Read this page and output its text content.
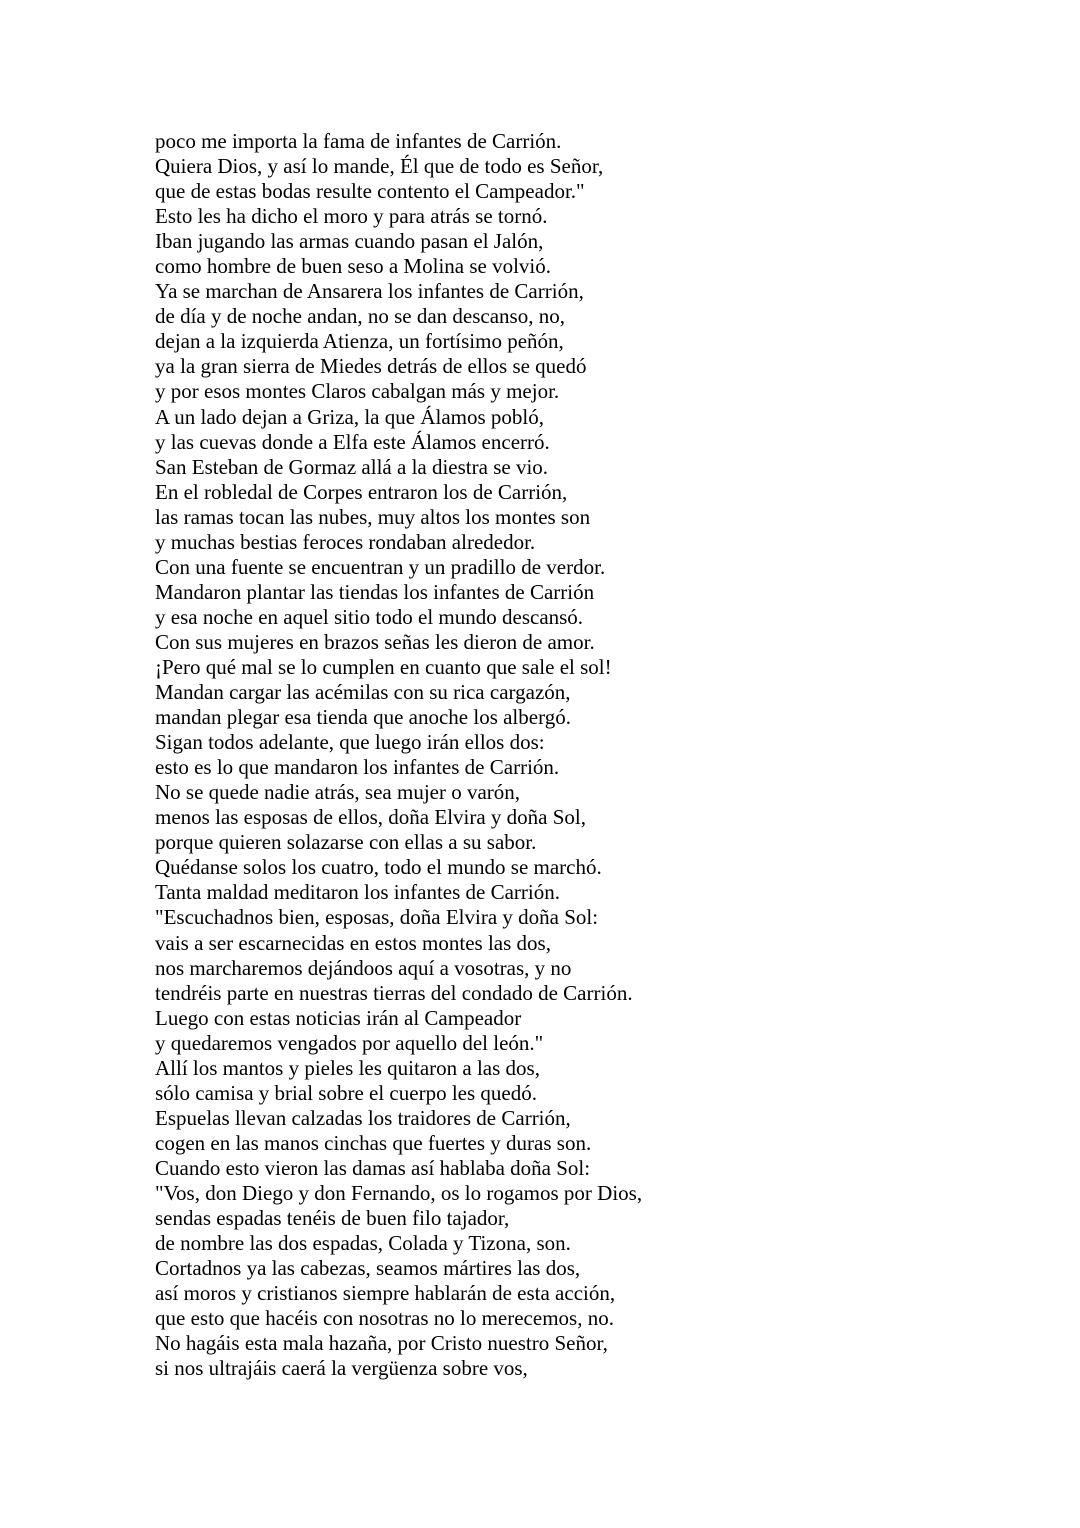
poco me importa la fama de infantes de Carrión.
Quiera Dios, y así lo mande, Él que de todo es Señor,
que de estas bodas resulte contento el Campeador."
Esto les ha dicho el moro y para atrás se tornó.
Iban jugando las armas cuando pasan el Jalón,
como hombre de buen seso a Molina se volvió.
Ya se marchan de Ansarera los infantes de Carrión,
de día y de noche andan, no se dan descanso, no,
dejan a la izquierda Atienza, un fortísimo peñón,
ya la gran sierra de Miedes detrás de ellos se quedó
y por esos montes Claros cabalgan más y mejor.
A un lado dejan a Griza, la que Álamos pobló,
y las cuevas donde a Elfa este Álamos encerró.
San Esteban de Gormaz allá a la diestra se vio.
En el robledal de Corpes entraron los de Carrión,
las ramas tocan las nubes, muy altos los montes son
y muchas bestias feroces rondaban alrededor.
Con una fuente se encuentran y un pradillo de verdor.
Mandaron plantar las tiendas los infantes de Carrión
y esa noche en aquel sitio todo el mundo descansó.
Con sus mujeres en brazos señas les dieron de amor.
¡Pero qué mal se lo cumplen en cuanto que sale el sol!
Mandan cargar las acémilas con su rica cargazón,
mandan plegar esa tienda que anoche los albergó.
Sigan todos adelante, que luego irán ellos dos:
esto es lo que mandaron los infantes de Carrión.
No se quede nadie atrás, sea mujer o varón,
menos las esposas de ellos, doña Elvira y doña Sol,
porque quieren solazarse con ellas a su sabor.
Quédanse solos los cuatro, todo el mundo se marchó.
Tanta maldad meditaron los infantes de Carrión.
"Escuchadnos bien, esposas, doña Elvira y doña Sol:
vais a ser escarnecidas en estos montes las dos,
nos marcharemos dejándoos aquí a vosotras, y no
tendréis parte en nuestras tierras del condado de Carrión.
Luego con estas noticias irán al Campeador
y quedaremos vengados por aquello del león."
Allí los mantos y pieles les quitaron a las dos,
sólo camisa y brial sobre el cuerpo les quedó.
Espuelas llevan calzadas los traidores de Carrión,
cogen en las manos cinchas que fuertes y duras son.
Cuando esto vieron las damas así hablaba doña Sol:
"Vos, don Diego y don Fernando, os lo rogamos por Dios,
sendas espadas tenéis de buen filo tajador,
de nombre las dos espadas, Colada y Tizona, son.
Cortadnos ya las cabezas, seamos mártires las dos,
así moros y cristianos siempre hablarán de esta acción,
que esto que hacéis con nosotras no lo merecemos, no.
No hagáis esta mala hazaña, por Cristo nuestro Señor,
si nos ultrajáis caerá la vergüenza sobre vos,
